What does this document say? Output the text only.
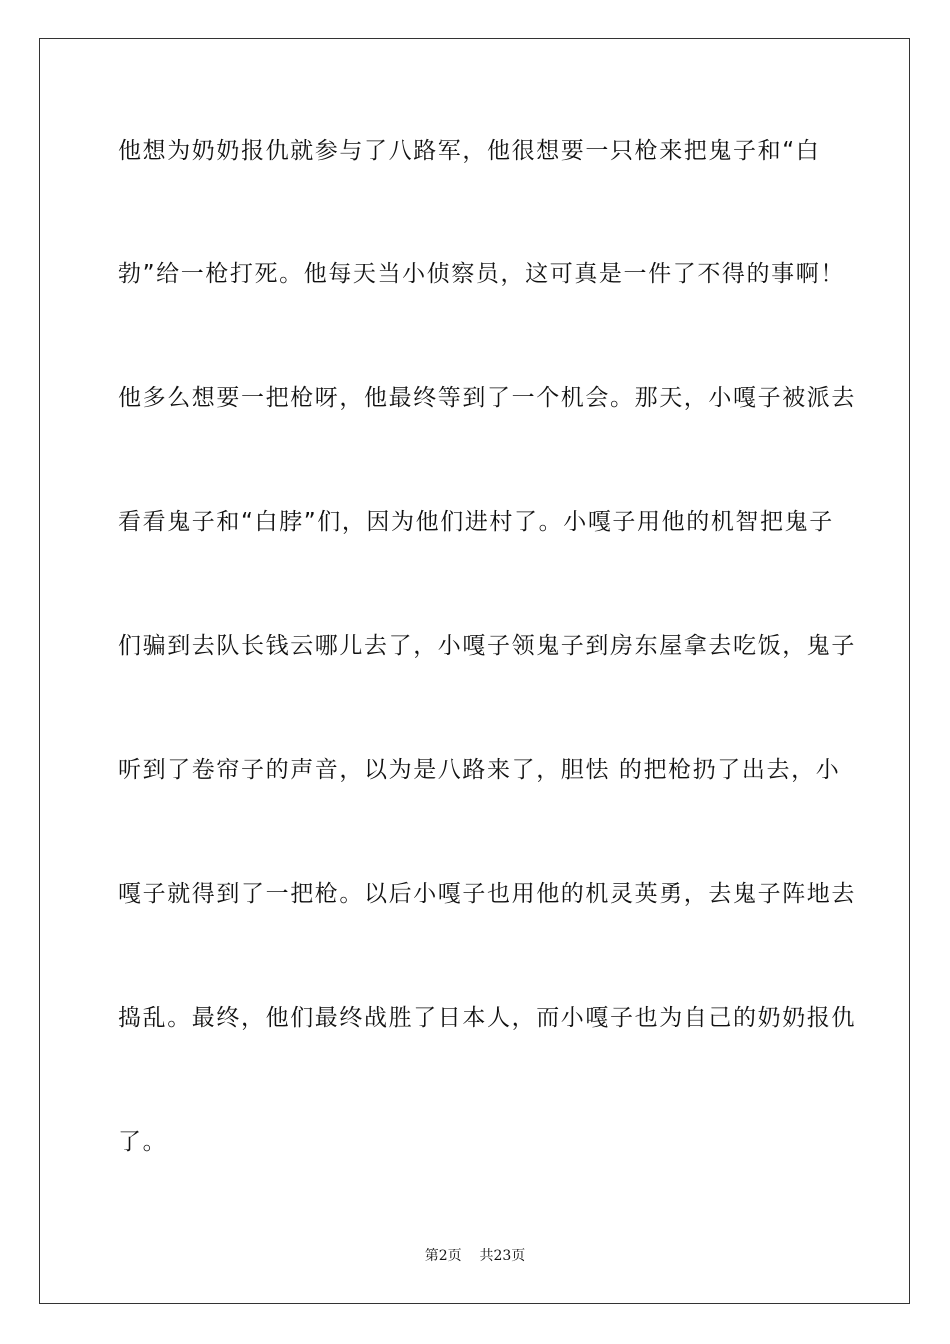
他想为奶奶报仇就参与了八路军，他很想要一只枪来把鬼子和“白
勃”给一枪打死。他每天当小侦察员，这可真是一件了不得的事啊！
他多么想要一把枪呀，他最终等到了一个机会。那天，小嘎子被派去
看看鬼子和“白脖”们，因为他们进村了。小嘎子用他的机智把鬼子
们骗到去队长钱云哪儿去了，小嘎子领鬼子到房东屋拿去吃饭，鬼子
听到了卷帘子的声音，以为是八路来了，胆怯 的把枪扔了出去，小
嘎子就得到了一把枪。以后小嘎子也用他的机灵英勇，去鬼子阵地去
捣乱。最终，他们最终战胜了日本人，而小嘎子也为自己的奶奶报仇
了。
第2页 共23页
